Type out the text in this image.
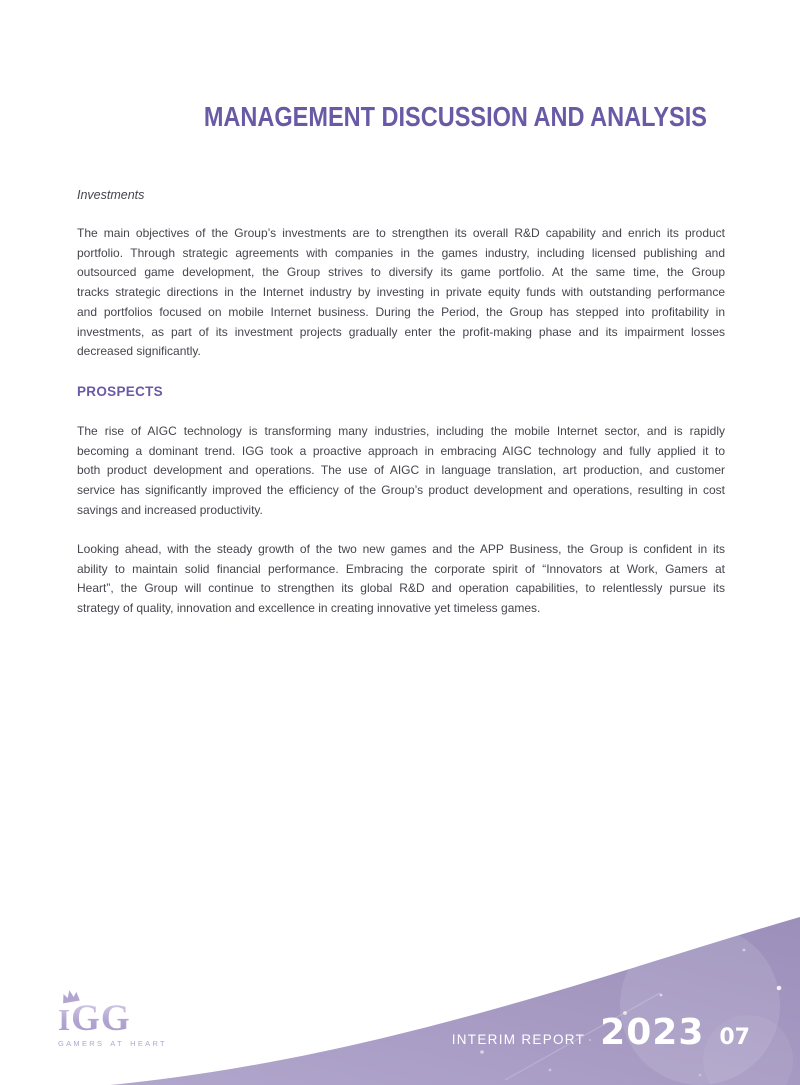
MANAGEMENT DISCUSSION AND ANALYSIS
Investments
The main objectives of the Group’s investments are to strengthen its overall R&D capability and enrich its product
portfolio. Through strategic agreements with companies in the games industry, including licensed publishing and
outsourced game development, the Group strives to diversify its game portfolio. At the same time, the Group
tracks strategic directions in the Internet industry by investing in private equity funds with outstanding performance
and portfolios focused on mobile Internet business. During the Period, the Group has stepped into profitability in
investments, as part of its investment projects gradually enter the profit-making phase and its impairment losses
decreased significantly.
PROSPECTS
The rise of AIGC technology is transforming many industries, including the mobile Internet sector, and is rapidly
becoming a dominant trend. IGG took a proactive approach in embracing AIGC technology and fully applied it to
both product development and operations. The use of AIGC in language translation, art production, and customer
service has significantly improved the efficiency of the Group’s product development and operations, resulting in cost
savings and increased productivity.
Looking ahead, with the steady growth of the two new games and the APP Business, the Group is confident in its
ability to maintain solid financial performance. Embracing the corporate spirit of “Innovators at Work, Gamers at
Heart”, the Group will continue to strengthen its global R&D and operation capabilities, to relentlessly pursue its
strategy of quality, innovation and excellence in creating innovative yet timeless games.
IGG
GAMERS AT HEART	INTERIM REPORT 2023 07
